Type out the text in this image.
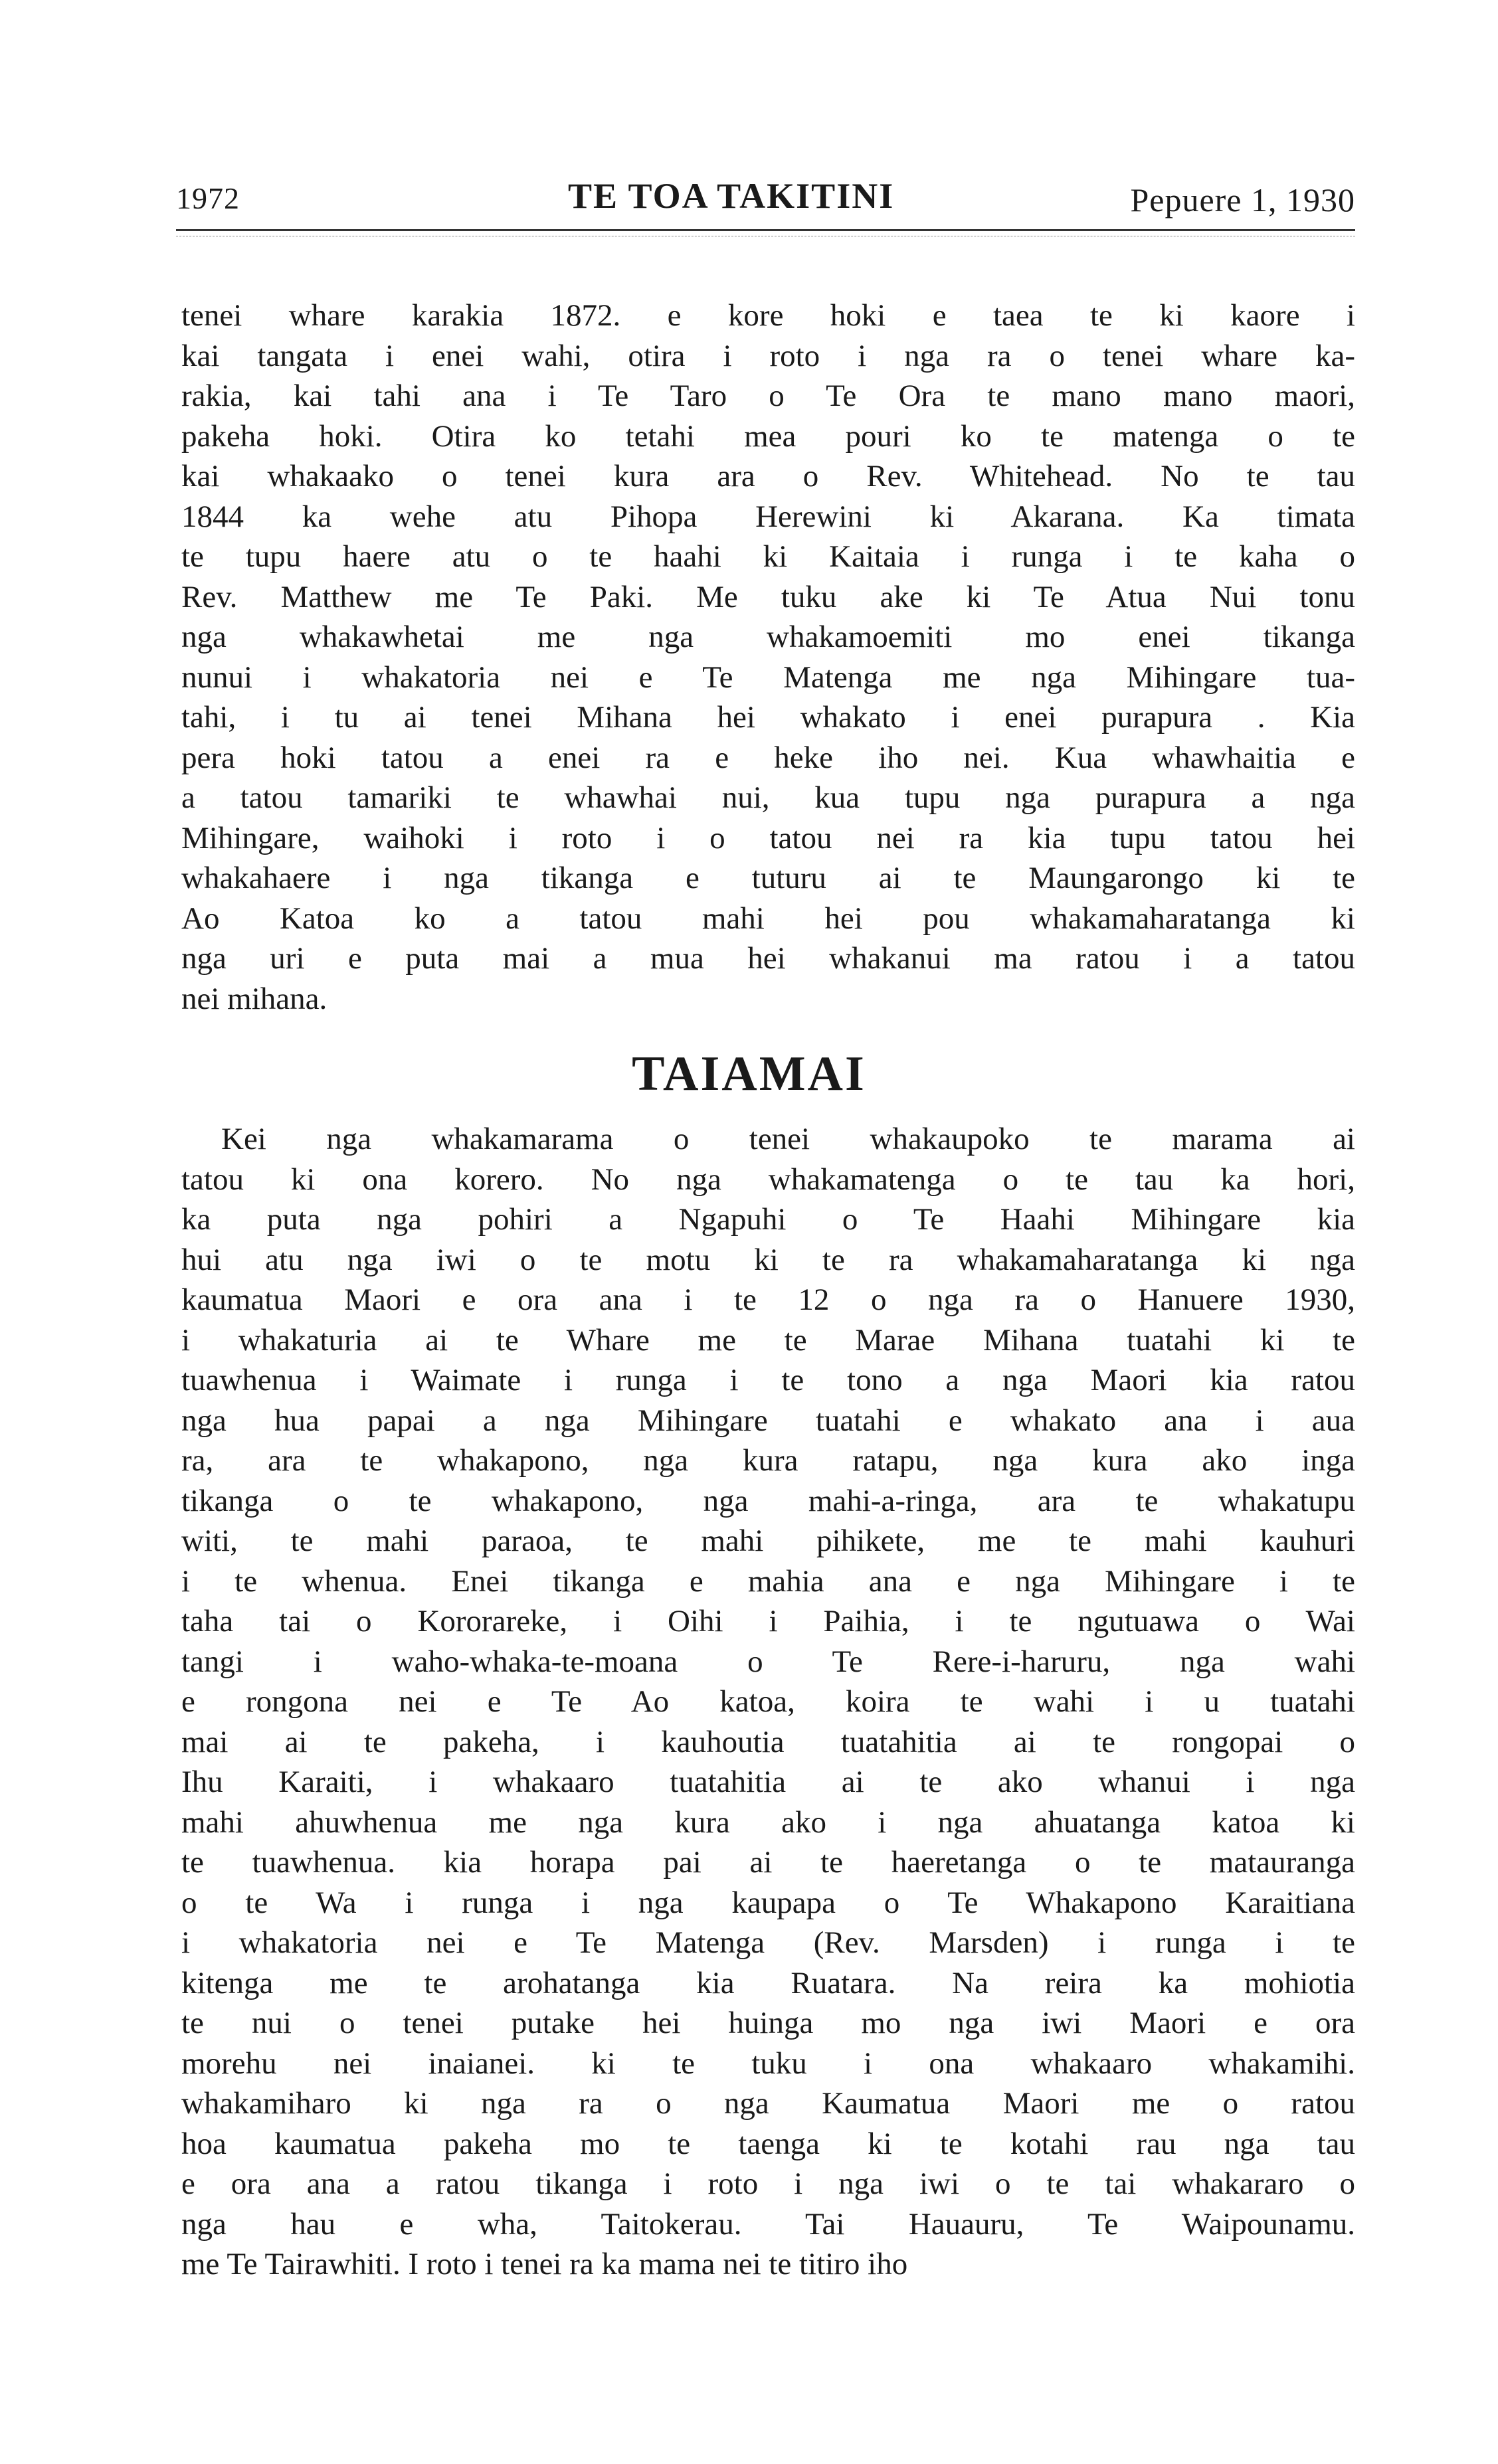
1972	TE TOA TAKITINI	Pepuere 1, 1930
tenei whare karakia 1872. e kore hoki e taea te ki kaore i
kai tangata i enei wahi, otira i roto i nga ra o tenei whare ka-
rakia, kai tahi ana i Te Taro o Te Ora te mano mano maori,
pakeha hoki. Otira ko tetahi mea pouri ko te matenga o te
kai whakaako o tenei kura ara o Rev. Whitehead. No te tau
1844 ka wehe atu Pihopa Herewini ki Akarana. Ka timata
te tupu haere atu o te haahi ki Kaitaia i runga i te kaha o
Rev. Matthew me Te Paki. Me tuku ake ki Te Atua Nui tonu
nga whakawhetai me nga whakamoemiti mo enei tikanga
nunui i whakatoria nei e Te Matenga me nga Mihingare tua-
tahi, i tu ai tenei Mihana hei whakato i enei purapura . Kia
pera hoki tatou a enei ra e heke iho nei. Kua whawhaitia e
a tatou tamariki te whawhai nui, kua tupu nga purapura a nga
Mihingare, waihoki i roto i o tatou nei ra kia tupu tatou hei
whakahaere i nga tikanga e tuturu ai te Maungarongo ki te
Ao Katoa ko a tatou mahi hei pou whakamaharatanga ki
nga uri e puta mai a mua hei whakanui ma ratou i a tatou
nei mihana.
TAIAMAI
Kei nga whakamarama o tenei whakaupoko te marama ai
tatou ki ona korero. No nga whakamatenga o te tau ka hori,
ka puta nga pohiri a Ngapuhi o Te Haahi Mihingare kia
hui atu nga iwi o te motu ki te ra whakamaharatanga ki nga
kaumatua Maori e ora ana i te 12 o nga ra o Hanuere 1930,
i whakaturia ai te Whare me te Marae Mihana tuatahi ki te
tuawhenua i Waimate i runga i te tono a nga Maori kia ratou
nga hua papai a nga Mihingare tuatahi e whakato ana i aua
ra, ara te whakapono, nga kura ratapu, nga kura ako inga
tikanga o te whakapono, nga mahi-a-ringa, ara te whakatupu
witi, te mahi paraoa, te mahi pihikete, me te mahi kauhuri
i te whenua. Enei tikanga e mahia ana e nga Mihingare i te
taha tai o Kororareke, i Oihi i Paihia, i te ngutuawa o Wai
tangi i waho-whaka-te-moana o Te Rere-i-haruru, nga wahi
e rongona nei e Te Ao katoa, koira te wahi i u tuatahi
mai ai te pakeha, i kauhoutia tuatahitia ai te rongopai o
Ihu Karaiti, i whakaaro tuatahitia ai te ako whanui i nga
mahi ahuwhenua me nga kura ako i nga ahuatanga katoa ki
te tuawhenua. kia horapa pai ai te haeretanga o te matauranga
o te Wa i runga i nga kaupapa o Te Whakapono Karaitiana
i whakatoria nei e Te Matenga (Rev. Marsden) i runga i te
kitenga me te arohatanga kia Ruatara. Na reira ka mohiotia
te nui o tenei putake hei huinga mo nga iwi Maori e ora
morehu nei inaianei. ki te tuku i ona whakaaro whakamihi.
whakamiharo ki nga ra o nga Kaumatua Maori me o ratou
hoa kaumatua pakeha mo te taenga ki te kotahi rau nga tau
e ora ana a ratou tikanga i roto i nga iwi o te tai whakararo o
nga hau e wha, Taitokerau. Tai Hauauru, Te Waipounamu.
me Te Tairawhiti. I roto i tenei ra ka mama nei te titiro iho
